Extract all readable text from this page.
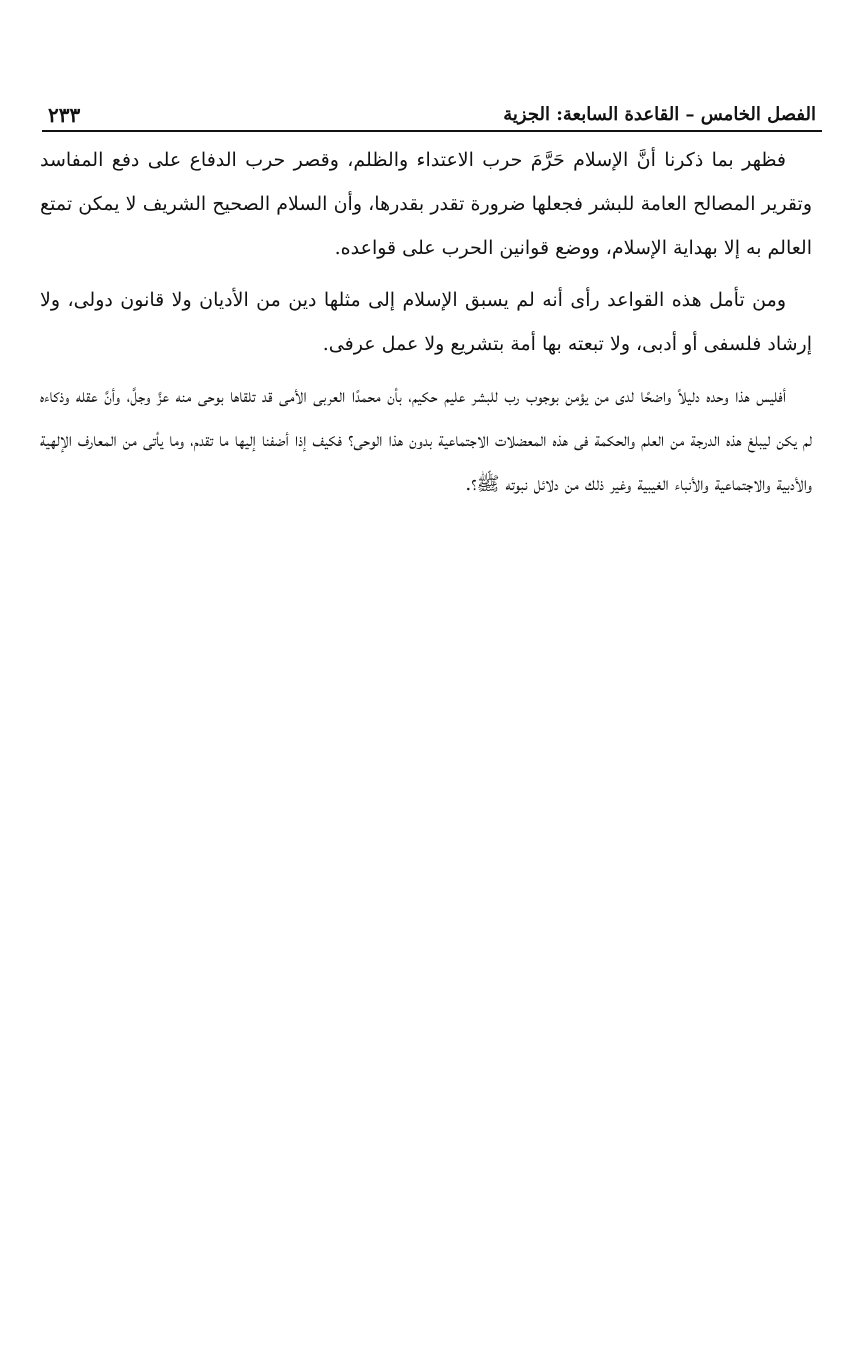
الفصل الخامس – القاعدة السابعة: الجزية
٢٣٣

فظهر بما ذكرنا أنَّ الإسلام حَرَّمَ حرب الاعتداء والظلم، وقصر حرب الدفاع على دفع المفاسد وتقرير المصالح العامة للبشر فجعلها ضرورة تقدر بقدرها، وأن السلام الصحيح الشريف لا يمكن تمتع العالم به إلا بهداية الإسلام، ووضع قوانين الحرب على قواعده.

ومن تأمل هذه القواعد رأى أنه لم يسبق الإسلام إلى مثلها دين من الأديان ولا قانون دولى، ولا إرشاد فلسفى أو أدبى، ولا تبعته بها أمة بتشريع ولا عمل عرفى.

أفليس هذا وحده دليلاً واضحًا لدى من يؤمن بوجوب رب للبشر عليم حكيم، بأن محمدًا العربى الأمى قد تلقاها بوحى منه عزَّ وجلَّ، وأنَّ عقله وذكاءه لم يكن ليبلغ هذه الدرجة من العلم والحكمة فى هذه المعضلات الاجتماعية بدون هذا الوحى؟ فكيف إذا أضفنا إليها ما تقدم، وما يأتى من المعارف الإلهية والأدبية والاجتماعية والأنباء الغيبية وغير ذلك من دلائل نبوته ﷺ؟.
